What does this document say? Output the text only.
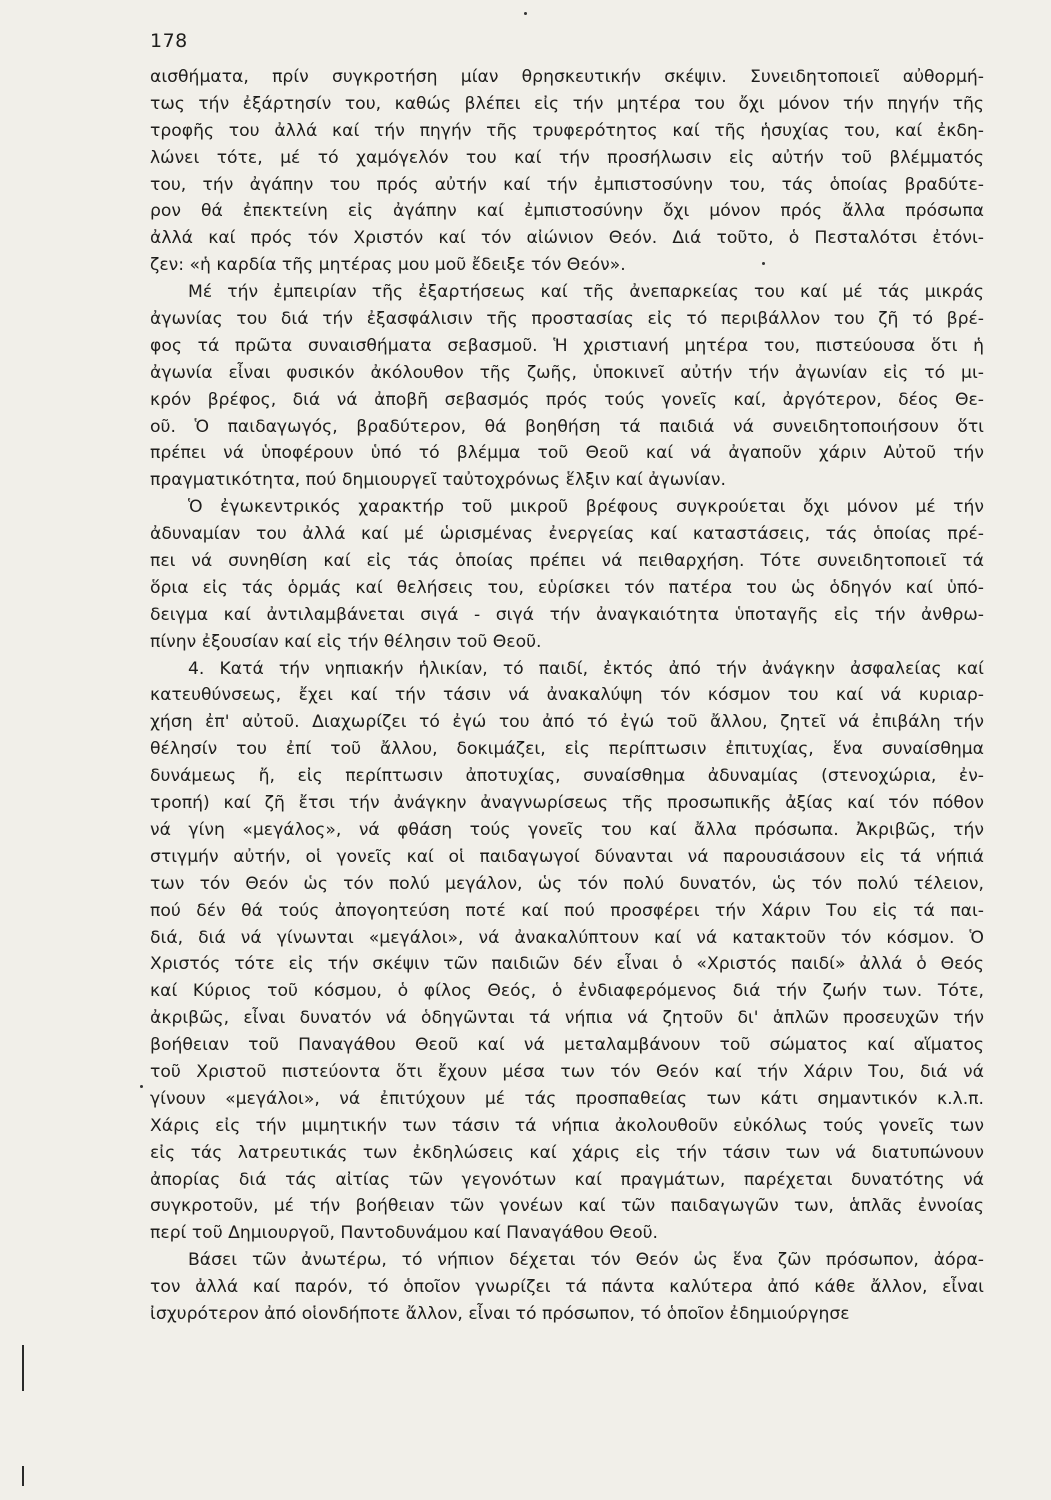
178
αισθήματα, πρίν συγκροτήση μίαν θρησκευτικήν σκέψιν. Συνειδητοποιεῖ αὐθορμή-
τως τήν ἐξάρτησίν του, καθώς βλέπει εἰς τήν μητέρα του ὄχι μόνον τήν πηγήν τῆς
τροφῆς του ἀλλά καί τήν πηγήν τῆς τρυφερότητος καί τῆς ἡσυχίας του, καί ἐκδη-
λώνει τότε, μέ τό χαμόγελόν του καί τήν προσήλωσιν εἰς αὐτήν τοῦ βλέμματός
του, τήν ἀγάπην του πρός αὐτήν καί τήν ἐμπιστοσύνην του, τάς ὁποίας βραδύτε-
ρον θά ἐπεκτείνη εἰς ἀγάπην καί ἐμπιστοσύνην ὄχι μόνον πρός ἄλλα πρόσωπα
ἀλλά καί πρός τόν Χριστόν καί τόν αἰώνιον Θεόν. Διά τοῦτο, ὁ Πεσταλότσι ἐτόνι-
ζεν: «ἡ καρδία τῆς μητέρας μου μοῦ ἔδειξε τόν Θεόν».
Μέ τήν ἐμπειρίαν τῆς ἐξαρτήσεως καί τῆς ἀνεπαρκείας του καί μέ τάς μικράς
ἀγωνίας του διά τήν ἐξασφάλισιν τῆς προστασίας εἰς τό περιβάλλον του ζῆ τό βρέ-
φος τά πρῶτα συναισθήματα σεβασμοῦ. Ἡ χριστιανή μητέρα του, πιστεύουσα ὅτι ἡ
ἀγωνία εἶναι φυσικόν ἀκόλουθον τῆς ζωῆς, ὑποκινεῖ αὐτήν τήν ἀγωνίαν εἰς τό μι-
κρόν βρέφος, διά νά ἀποβῆ σεβασμός πρός τούς γονεῖς καί, ἀργότερον, δέος Θε-
οῦ. Ὁ παιδαγωγός, βραδύτερον, θά βοηθήση τά παιδιά νά συνειδητοποιήσουν ὅτι
πρέπει νά ὑποφέρουν ὑπό τό βλέμμα τοῦ Θεοῦ καί νά ἀγαποῦν χάριν Αὐτοῦ τήν
πραγματικότητα, πού δημιουργεῖ ταὐτοχρόνως ἕλξιν καί ἀγωνίαν.
Ὁ ἐγωκεντρικός χαρακτήρ τοῦ μικροῦ βρέφους συγκρούεται ὄχι μόνον μέ τήν
ἀδυναμίαν του ἀλλά καί μέ ὡρισμένας ἐνεργείας καί καταστάσεις, τάς ὁποίας πρέ-
πει νά συνηθίση καί εἰς τάς ὁποίας πρέπει νά πειθαρχήση. Τότε συνειδητοποιεῖ τά
ὅρια εἰς τάς ὁρμάς καί θελήσεις του, εὑρίσκει τόν πατέρα του ὡς ὁδηγόν καί ὑπό-
δειγμα καί ἀντιλαμβάνεται σιγά - σιγά τήν ἀναγκαιότητα ὑποταγῆς εἰς τήν ἀνθρω-
πίνην ἐξουσίαν καί εἰς τήν θέλησιν τοῦ Θεοῦ.
4. Κατά τήν νηπιακήν ἡλικίαν, τό παιδί, ἐκτός ἀπό τήν ἀνάγκην ἀσφαλείας καί
κατευθύνσεως, ἔχει καί τήν τάσιν νά ἀνακαλύψη τόν κόσμον του καί νά κυριαρ-
χήση ἐπ' αὐτοῦ. Διαχωρίζει τό ἐγώ του ἀπό τό ἐγώ τοῦ ἄλλου, ζητεῖ νά ἐπιβάλη τήν
θέλησίν του ἐπί τοῦ ἄλλου, δοκιμάζει, εἰς περίπτωσιν ἐπιτυχίας, ἕνα συναίσθημα
δυνάμεως ἤ, εἰς περίπτωσιν ἀποτυχίας, συναίσθημα ἀδυναμίας (στενοχώρια, ἐν-
τροπή) καί ζῆ ἔτσι τήν ἀνάγκην ἀναγνωρίσεως τῆς προσωπικῆς ἀξίας καί τόν πόθον
νά γίνη «μεγάλος», νά φθάση τούς γονεῖς του καί ἄλλα πρόσωπα. Ἀκριβῶς, τήν
στιγμήν αὐτήν, οἱ γονεῖς καί οἱ παιδαγωγοί δύνανται νά παρουσιάσουν εἰς τά νήπιά
των τόν Θεόν ὡς τόν πολύ μεγάλον, ὡς τόν πολύ δυνατόν, ὡς τόν πολύ τέλειον,
πού δέν θά τούς ἀπογοητεύση ποτέ καί πού προσφέρει τήν Χάριν Του εἰς τά παι-
διά, διά νά γίνωνται «μεγάλοι», νά ἀνακαλύπτουν καί νά κατακτοῦν τόν κόσμον. Ὁ
Χριστός τότε εἰς τήν σκέψιν τῶν παιδιῶν δέν εἶναι ὁ «Χριστός παιδί» ἀλλά ὁ Θεός
καί Κύριος τοῦ κόσμου, ὁ φίλος Θεός, ὁ ἐνδιαφερόμενος διά τήν ζωήν των. Τότε,
ἀκριβῶς, εἶναι δυνατόν νά ὁδηγῶνται τά νήπια νά ζητοῦν δι' ἁπλῶν προσευχῶν τήν
βοήθειαν τοῦ Παναγάθου Θεοῦ καί νά μεταλαμβάνουν τοῦ σώματος καί αἵματος
τοῦ Χριστοῦ πιστεύοντα ὅτι ἔχουν μέσα των τόν Θεόν καί τήν Χάριν Του, διά νά
γίνουν «μεγάλοι», νά ἐπιτύχουν μέ τάς προσπαθείας των κάτι σημαντικόν κ.λ.π.
Χάρις εἰς τήν μιμητικήν των τάσιν τά νήπια ἀκολουθοῦν εὐκόλως τούς γονεῖς των
εἰς τάς λατρευτικάς των ἐκδηλώσεις καί χάρις εἰς τήν τάσιν των νά διατυπώνουν
ἀπορίας διά τάς αἰτίας τῶν γεγονότων καί πραγμάτων, παρέχεται δυνατότης νά
συγκροτοῦν, μέ τήν βοήθειαν τῶν γονέων καί τῶν παιδαγωγῶν των, ἁπλᾶς ἐννοίας
περί τοῦ Δημιουργοῦ, Παντοδυνάμου καί Παναγάθου Θεοῦ.
Βάσει τῶν ἀνωτέρω, τό νήπιον δέχεται τόν Θεόν ὡς ἕνα ζῶν πρόσωπον, ἀόρα-
τον ἀλλά καί παρόν, τό ὁποῖον γνωρίζει τά πάντα καλύτερα ἀπό κάθε ἄλλον, εἶναι
ἰσχυρότερον ἀπό οἱονδήποτε ἄλλον, εἶναι τό πρόσωπον, τό ὁποῖον ἐδημιούργησε
